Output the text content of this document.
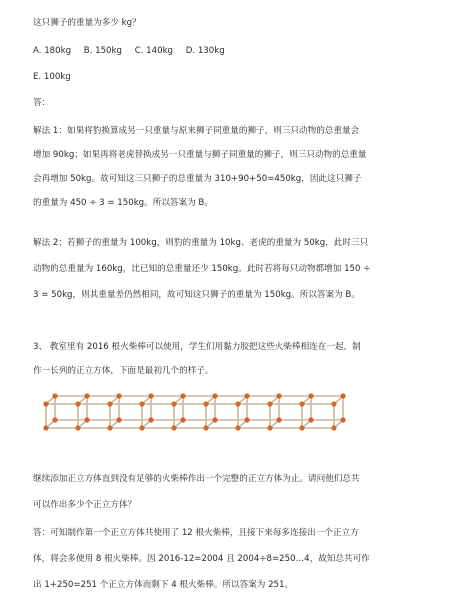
这只狮子的重量为多少 kg？

A. 180kg B. 150kg C. 140kg D. 130kg

E. 100kg

答：

解法 1：如果将豹换算成另一只重量与原来狮子同重量的狮子，则三只动物的总重量会

增加 90kg；如果再将老虎替换成另一只重量与狮子同重量的狮子，则三只动物的总重量

会再增加 50kg。故可知这三只狮子的总重量为 310+90+50=450kg，因此这只狮子

的重量为 450 ÷ 3 = 150kg。所以答案为 B。

解法 2：若狮子的重量为 100kg，则豹的重量为 10kg、老虎的重量为 50kg，此时三只

动物的总重量为 160kg，比已知的总重量还少 150kg。此时若将每只动物都增加 150 ÷

3 = 50kg，则其重量差仍然相同，故可知这只狮子的重量为 150kg。所以答案为 B。

3、 教室里有 2016 根火柴棒可以使用，学生们用黏力胶把这些火柴棒相连在一起，制

作一长列的正立方体，下面是最初几个的样子。

继续添加正立方体直到没有足够的火柴棒作出一个完整的正立方体为止。请问他们总共

可以作出多少个正立方体？

答：可知制作第一个正立方体共使用了 12 根火柴棒，且接下来每多连接出一个正立方

体，将会多使用 8 根火柴棒。因 2016-12=2004 且 2004÷8=250…4，故知总共可作

出 1+250=251 个正立方体而剩下 4 根火柴棒。所以答案为 251。
